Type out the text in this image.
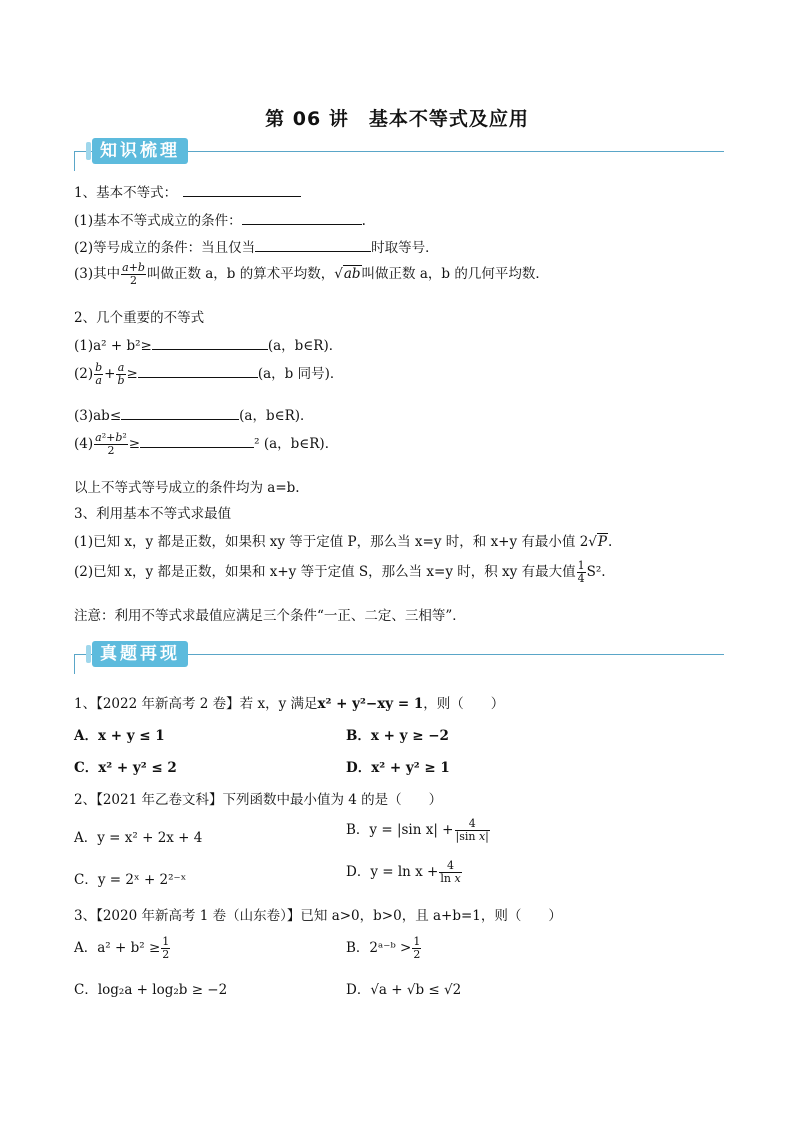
第 06 讲　基本不等式及应用
知识梳理
1、基本不等式：
(1)基本不等式成立的条件：	.
(2)等号成立的条件：当且仅当	时取等号．
(3)其中 $\frac{a+b}{2}$ 叫做正数 a，b 的算术平均数，√ab叫做正数 a，b 的几何平均数．
2、几个重要的不等式
(1)a² + b²≥	(a，b∈R)．
$(2) \frac{b}{a} + \frac{a}{b}$ ≥	(a，b 同号)．
(3)ab≤	(a，b∈R)．
$(4) \frac{\text{a²+b²}}{2}$ ≥	² (a，b∈R)．
以上不等式等号成立的条件均为 a=b.
3、利用基本不等式求最值
(1)已知 x，y 都是正数，如果积 xy 等于定值 P，那么当 x=y 时，和 x+y 有最小值 2√P.
(2)已知 x，y 都是正数，如果和 x+y 等于定值 S，那么当 x=y 时，积 xy 有最大值 $\frac{1}{4} S^2$.
注意：利用不等式求最值应满足三个条件“一正、二定、三相等”．
真题再现
1、【2022 年新高考 2 卷】若 x，y 满足x² + y²−xy = 1，则（　　）
A．x + y ≤ 1	B．x + y ≥ −2
C．x² + y² ≤ 2	D．x² + y² ≥ 1
2、【2021 年乙卷文科】下列函数中最小值为 4 的是（　　）
A．y = x² + 2x + 4	B．y = |sin $x| + \frac{4}{\text{|sin x|}}$
C．y = 2ˣ + 2²⁻ˣ	D．$y = \ln x + \frac{4}{\text{ln x}}$
3、【2020 年新高考 1 卷（山东卷）】已知 a>0，b>0，且 a+b=1，则（　　）
A．$a^2 + b^2 \ge \frac{1}{2}$	B．2ᵃ⁻ᵇ > $\frac{1}{2}$
C．log₂a + log₂b ≥ −2	D．√a + √b ≤ √2
